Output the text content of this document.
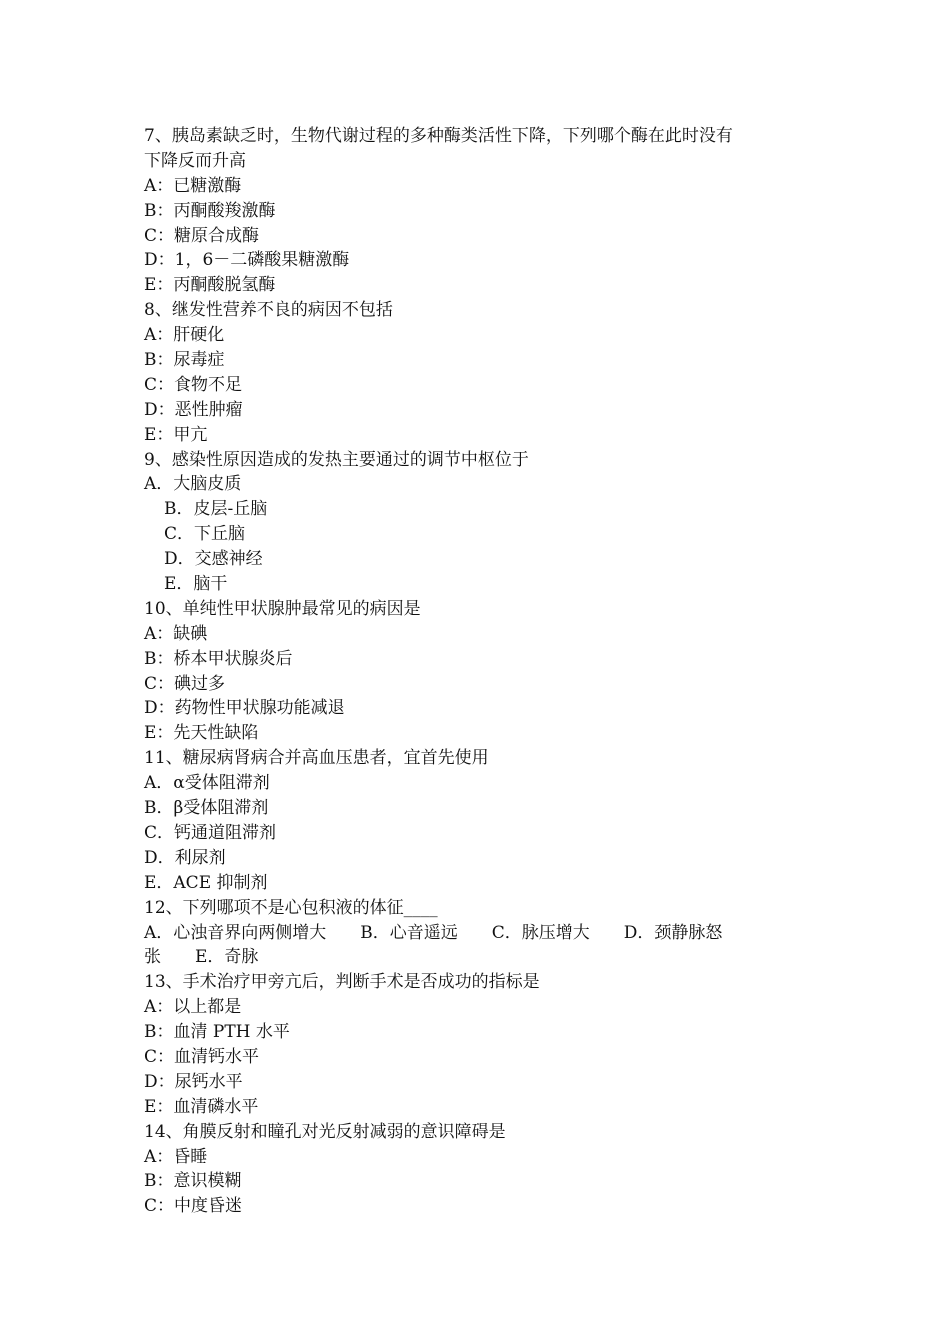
7、胰岛素缺乏时，生物代谢过程的多种酶类活性下降，下列哪个酶在此时没有
下降反而升高
A：已糖激酶
B：丙酮酸羧激酶
C：糖原合成酶
D：1，6－二磷酸果糖激酶
E：丙酮酸脱氢酶
8、继发性营养不良的病因不包括
A：肝硬化
B：尿毒症
C：食物不足
D：恶性肿瘤
E：甲亢
9、感染性原因造成的发热主要通过的调节中枢位于
A．大脑皮质
B．皮层-丘脑
C．下丘脑
D．交感神经
E．脑干
10、单纯性甲状腺肿最常见的病因是
A：缺碘
B：桥本甲状腺炎后
C：碘过多
D：药物性甲状腺功能减退
E：先天性缺陷
11、糖尿病肾病合并高血压患者，宜首先使用
A．α受体阻滞剂
B．β受体阻滞剂
C．钙通道阻滞剂
D．利尿剂
E．ACE 抑制剂
12、下列哪项不是心包积液的体征____
A．心浊音界向两侧增大 B．心音遥远 C．脉压增大 D．颈静脉怒
张 E．奇脉
13、手术治疗甲旁亢后，判断手术是否成功的指标是
A：以上都是
B：血清 PTH 水平
C：血清钙水平
D：尿钙水平
E：血清磷水平
14、角膜反射和瞳孔对光反射减弱的意识障碍是
A：昏睡
B：意识模糊
C：中度昏迷
